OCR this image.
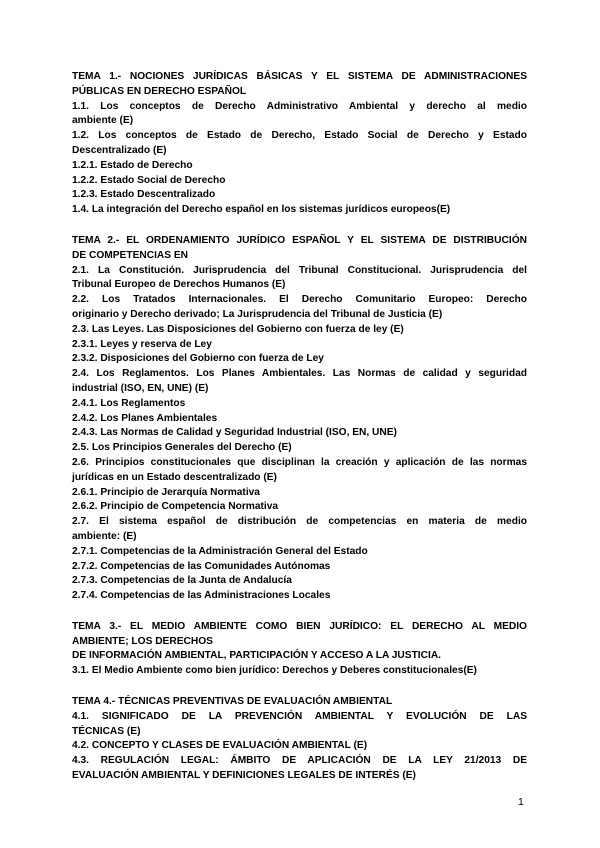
TEMA 1.- NOCIONES JURÍDICAS BÁSICAS Y EL SISTEMA DE ADMINISTRACIONES
PÚBLICAS EN DERECHO ESPAÑOL
1.1. Los conceptos de Derecho Administrativo Ambiental y derecho al medio
ambiente (E)
1.2. Los conceptos de Estado de Derecho, Estado Social de Derecho y Estado
Descentralizado (E)
1.2.1. Estado de Derecho
1.2.2. Estado Social de Derecho
1.2.3. Estado Descentralizado
1.4. La integración del Derecho español en los sistemas jurídicos europeos(E)
TEMA 2.- EL ORDENAMIENTO JURÍDICO ESPAÑOL Y EL SISTEMA DE DISTRIBUCIÓN
DE COMPETENCIAS EN
2.1. La Constitución. Jurisprudencia del Tribunal Constitucional. Jurisprudencia del
Tribunal Europeo de Derechos Humanos (E)
2.2. Los Tratados Internacionales. El Derecho Comunitario Europeo: Derecho
originario y Derecho derivado; La Jurisprudencia del Tribunal de Justicia (E)
2.3. Las Leyes. Las Disposiciones del Gobierno con fuerza de ley (E)
2.3.1. Leyes y reserva de Ley
2.3.2. Disposiciones del Gobierno con fuerza de Ley
2.4. Los Reglamentos. Los Planes Ambientales. Las Normas de calidad y seguridad
industrial (ISO, EN, UNE) (E)
2.4.1. Los Reglamentos
2.4.2. Los Planes Ambientales
2.4.3. Las Normas de Calidad y Seguridad Industrial (ISO, EN, UNE)
2.5. Los Principios Generales del Derecho (E)
2.6. Principios constitucionales que disciplinan la creación y aplicación de las normas
jurídicas en un Estado descentralizado (E)
2.6.1. Principio de Jerarquía Normativa
2.6.2. Principio de Competencia Normativa
2.7. El sistema español de distribución de competencias en materia de medio
ambiente: (E)
2.7.1. Competencias de la Administración General del Estado
2.7.2. Competencias de las Comunidades Autónomas
2.7.3. Competencias de la Junta de Andalucía
2.7.4. Competencias de las Administraciones Locales
TEMA 3.- EL MEDIO AMBIENTE COMO BIEN JURÍDICO: EL DERECHO AL MEDIO
AMBIENTE; LOS DERECHOS
DE INFORMACIÓN AMBIENTAL, PARTICIPACIÓN Y ACCESO A LA JUSTICIA.
3.1. El Medio Ambiente como bien jurídico: Derechos y Deberes constitucionales(E)
TEMA 4.- TÉCNICAS PREVENTIVAS DE EVALUACIÓN AMBIENTAL
4.1. SIGNIFICADO DE LA PREVENCIÓN AMBIENTAL Y EVOLUCIÓN DE LAS
TÉCNICAS (E)
4.2. CONCEPTO Y CLASES DE EVALUACIÓN AMBIENTAL (E)
4.3. REGULACIÓN LEGAL: ÁMBITO DE APLICACIÓN DE LA LEY 21/2013 DE
EVALUACIÓN AMBIENTAL Y DEFINICIONES LEGALES DE INTERÉS (E)
1
